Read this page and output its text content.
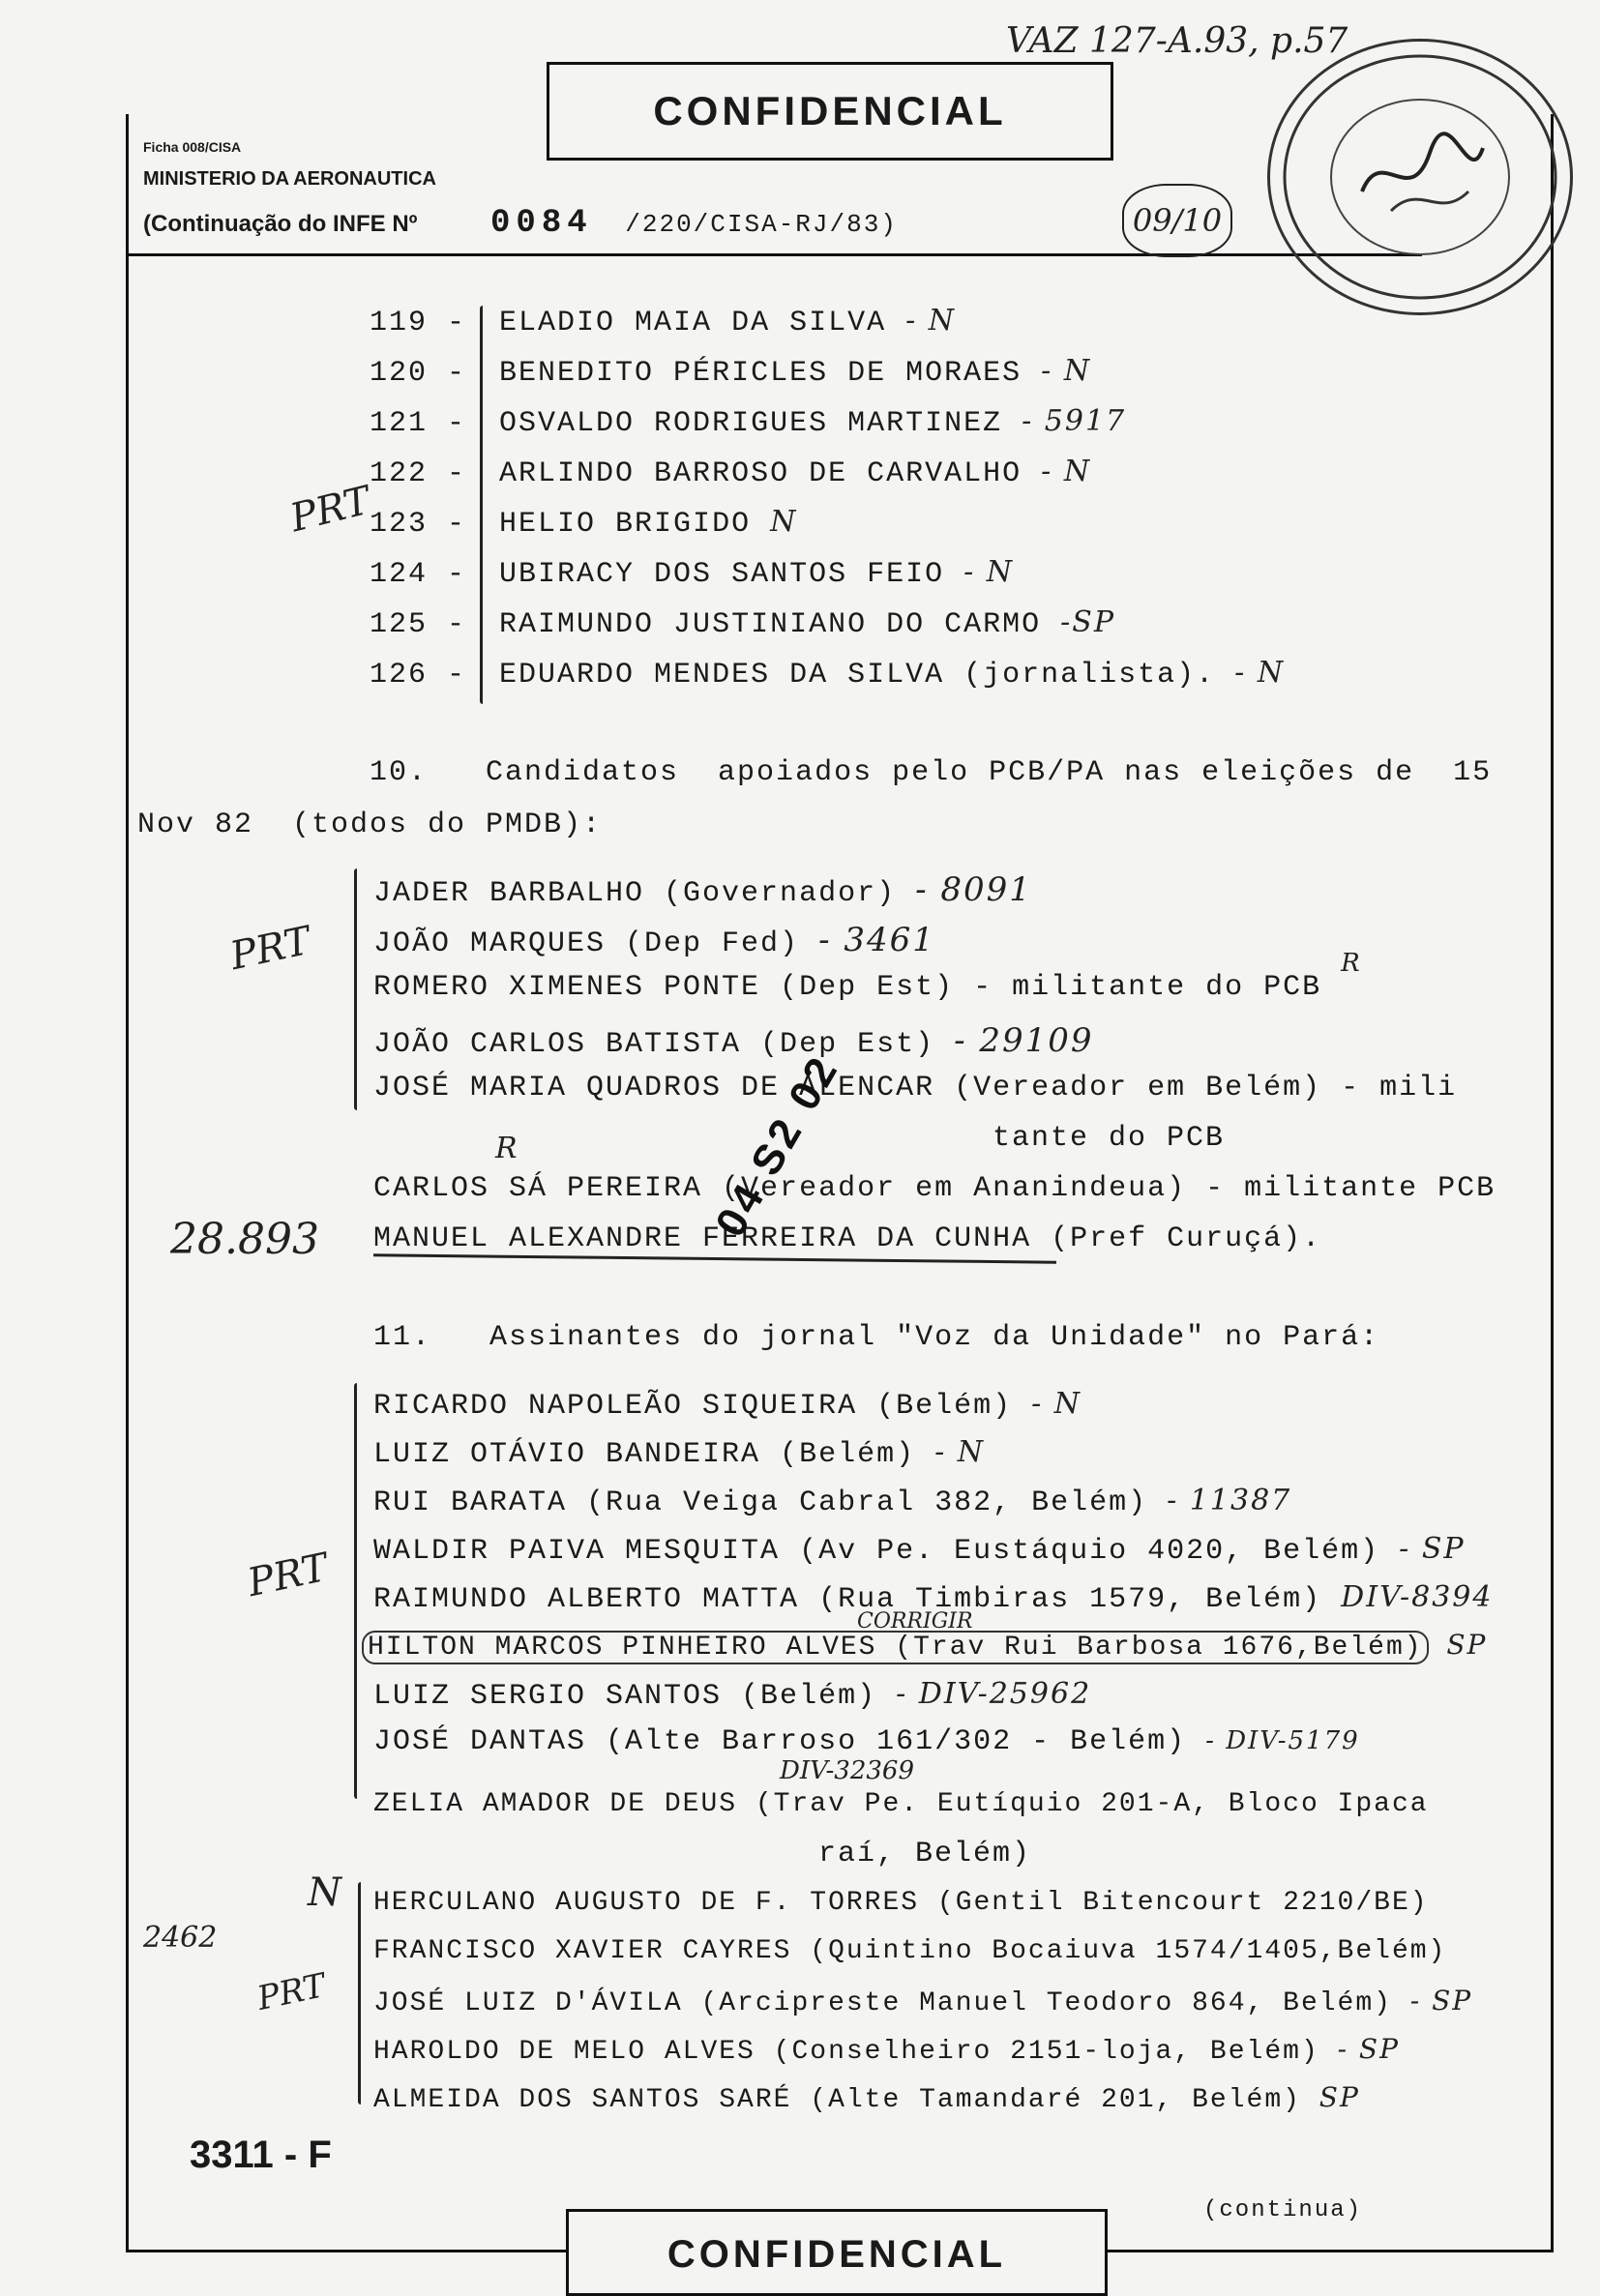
VAZ 127-A.93, p.57
CONFIDENCIAL
Ficha 008/CISA
MINISTERIO DA AERONAUTICA
(Continuação do INFE Nº 0084 /220/CISA-RJ/83)	09/10
119 - ELADIO MAIA DA SILVA - N
120 - BENEDITO PÉRICLES DE MORAES - N
121 - OSVALDO RODRIGUES MARTINEZ - 5917
122 - ARLINDO BARROSO DE CARVALHO - N
123 - HELIO BRIGIDO N
124 - UBIRACY DOS SANTOS FEIO - N
125 - RAIMUNDO JUSTINIANO DO CARMO -SP
126 - EDUARDO MENDES DA SILVA (jornalista). - N
PRT
10.   Candidatos  apoiados pelo PCB/PA nas eleições de  15
Nov 82  (todos do PMDB):
PRT
JADER BARBALHO (Governador) - 8091
JOÃO MARQUES (Dep Fed) - 3461
ROMERO XIMENES PONTE (Dep Est) - militante do PCB R
JOÃO CARLOS BATISTA (Dep Est) - 29109
JOSÉ MARIA QUADROS DE ALENCAR (Vereador em Belém) - mili
tante do PCB
CARLOS SÁ PEREIRA (Vereador em Ananindeua) - militante PCB
R
MANUEL ALEXANDRE FERREIRA DA CUNHA (Pref Curuçá).
28.893	04 S2 02
11.   Assinantes do jornal "Voz da Unidade" no Pará:
PRT
RICARDO NAPOLEÃO SIQUEIRA (Belém) - N
LUIZ OTÁVIO BANDEIRA (Belém) - N
RUI BARATA (Rua Veiga Cabral 382, Belém) - 11387
WALDIR PAIVA MESQUITA (Av Pe. Eustáquio 4020, Belém) - SP
RAIMUNDO ALBERTO MATTA (Rua Timbiras 1579, Belém) DIV-8394
CORRIGIR
HILTON MARCOS PINHEIRO ALVES (Trav Rui Barbosa 1676,Belém) SP
LUIZ SERGIO SANTOS (Belém) - DIV-25962
JOSÉ DANTAS (Alte Barroso 161/302 - Belém) - DIV-5179
DIV-32369
ZELIA AMADOR DE DEUS (Trav Pe. Eutíquio 201-A, Bloco Ipaca
raí, Belém)
N
2462
PRT
HERCULANO AUGUSTO DE F. TORRES (Gentil Bitencourt 2210/BE)
FRANCISCO XAVIER CAYRES (Quintino Bocaiuva 1574/1405,Belém)
JOSÉ LUIZ D'ÁVILA (Arcipreste Manuel Teodoro 864, Belém) - SP
HAROLDO DE MELO ALVES (Conselheiro 2151-loja, Belém) - SP
ALMEIDA DOS SANTOS SARÉ (Alte Tamandaré 201, Belém) SP
3311 - F
(continua)
CONFIDENCIAL
